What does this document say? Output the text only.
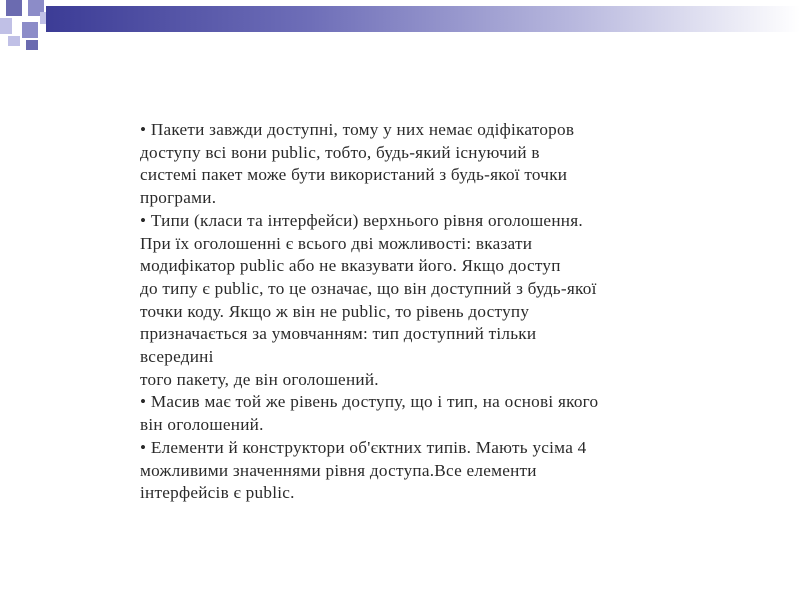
• Пакети завжди доступні, тому у них немає одіфікаторов
доступу всі вони public, тобто, будь-який існуючий в
системі пакет може бути використаний з будь-якої точки
програми.
• Типи (класи та інтерфейси) верхнього рівня оголошення.
При їх оголошенні є всього дві можливості: вказати
модифікатор public або не вказувати його. Якщо доступ
до типу є public, то це означає, що він доступний з будь-якої
точки коду. Якщо ж він не public, то рівень доступу
призначається за умовчанням: тип доступний тільки
всередині
того пакету, де він оголошений.
• Масив має той же рівень доступу, що і тип, на основі якого
він оголошений.
• Елементи й конструктори об'єктних типів. Мають усіма 4
можливими значеннями рівня доступа.Все елементи
інтерфейсів є public.
